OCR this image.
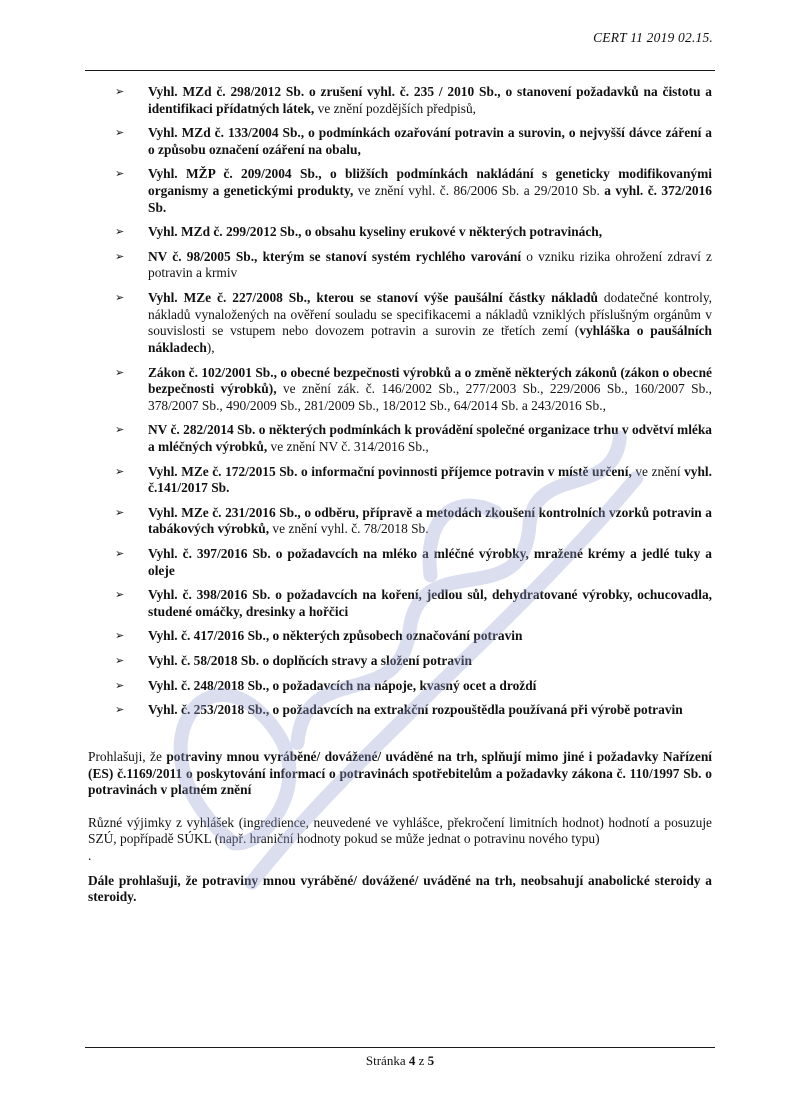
CERT 11 2019 02.15.
➢	Vyhl. MZd č. 298/2012 Sb. o zrušení vyhl. č. 235 / 2010 Sb., o stanovení požadavků na čistotu a identifikaci přídatných látek, ve znění pozdějších předpisů,
➢	Vyhl. MZd č. 133/2004 Sb., o podmínkách ozařování potravin a surovin, o nejvyšší dávce záření a o způsobu označení ozáření na obalu,
➢	Vyhl. MŽP č. 209/2004 Sb., o bližších podmínkách nakládání s geneticky modifikovanými organismy a genetickými produkty, ve znění vyhl. č. 86/2006 Sb. a 29/2010 Sb. a vyhl. č. 372/2016 Sb.
➢	Vyhl. MZd č. 299/2012 Sb., o obsahu kyseliny erukové v některých potravinách,
➢	NV č. 98/2005 Sb., kterým se stanoví systém rychlého varování o vzniku rizika ohrožení zdraví z potravin a krmiv
➢	Vyhl. MZe č. 227/2008 Sb., kterou se stanoví výše paušální částky nákladů dodatečné kontroly, nákladů vynaložených na ověření souladu se specifikacemi a nákladů vzniklých příslušným orgánům v souvislosti se vstupem nebo dovozem potravin a surovin ze třetích zemí (vyhláška o paušálních nákladech),
➢	Zákon č. 102/2001 Sb., o obecné bezpečnosti výrobků a o změně některých zákonů (zákon o obecné bezpečnosti výrobků), ve znění zák. č. 146/2002 Sb., 277/2003 Sb., 229/2006 Sb., 160/2007 Sb., 378/2007 Sb., 490/2009 Sb., 281/2009 Sb., 18/2012 Sb., 64/2014 Sb. a 243/2016 Sb.,
➢	NV č. 282/2014 Sb. o některých podmínkách k provádění společné organizace trhu v odvětví mléka a mléčných výrobků, ve znění NV č. 314/2016 Sb.,
➢	Vyhl. MZe č. 172/2015 Sb. o informační povinnosti příjemce potravin v místě určení, ve znění vyhl. č.141/2017 Sb.
➢	Vyhl. MZe č. 231/2016 Sb., o odběru, přípravě a metodách zkoušení kontrolních vzorků potravin a tabákových výrobků, ve znění vyhl. č. 78/2018 Sb.
➢	Vyhl. č. 397/2016 Sb. o požadavcích na mléko a mléčné výrobky, mražené krémy a jedlé tuky a oleje
➢	Vyhl. č. 398/2016 Sb. o požadavcích na koření, jedlou sůl, dehydratované výrobky, ochucovadla, studené omáčky, dresinky a hořčici
➢	Vyhl. č. 417/2016 Sb., o některých způsobech označování potravin
➢	Vyhl. č. 58/2018 Sb. o doplňcích stravy a složení potravin
➢	Vyhl. č. 248/2018 Sb., o požadavcích na nápoje, kvasný ocet a droždí
➢	Vyhl. č. 253/2018 Sb., o požadavcích na extrakční rozpouštědla používaná při výrobě potravin

Prohlašuji, že potraviny mnou vyráběné/ dovážené/ uváděné na trh, splňují mimo jiné i požadavky Nařízení (ES) č.1169/2011 o poskytování informací o potravinách spotřebitelům a požadavky zákona č. 110/1997 Sb. o potravinách v platném znění

Různé výjimky z vyhlášek (ingredience, neuvedené ve vyhlášce, překročení limitních hodnot) hodnotí a posuzuje SZÚ, popřípadě SÚKL (např. hraniční hodnoty pokud se může jednat o potravinu nového typu)

.

Dále prohlašuji, že potraviny mnou vyráběné/ dovážené/ uváděné na trh, neobsahují anabolické steroidy a steroidy.

Stránka 4 z 5
